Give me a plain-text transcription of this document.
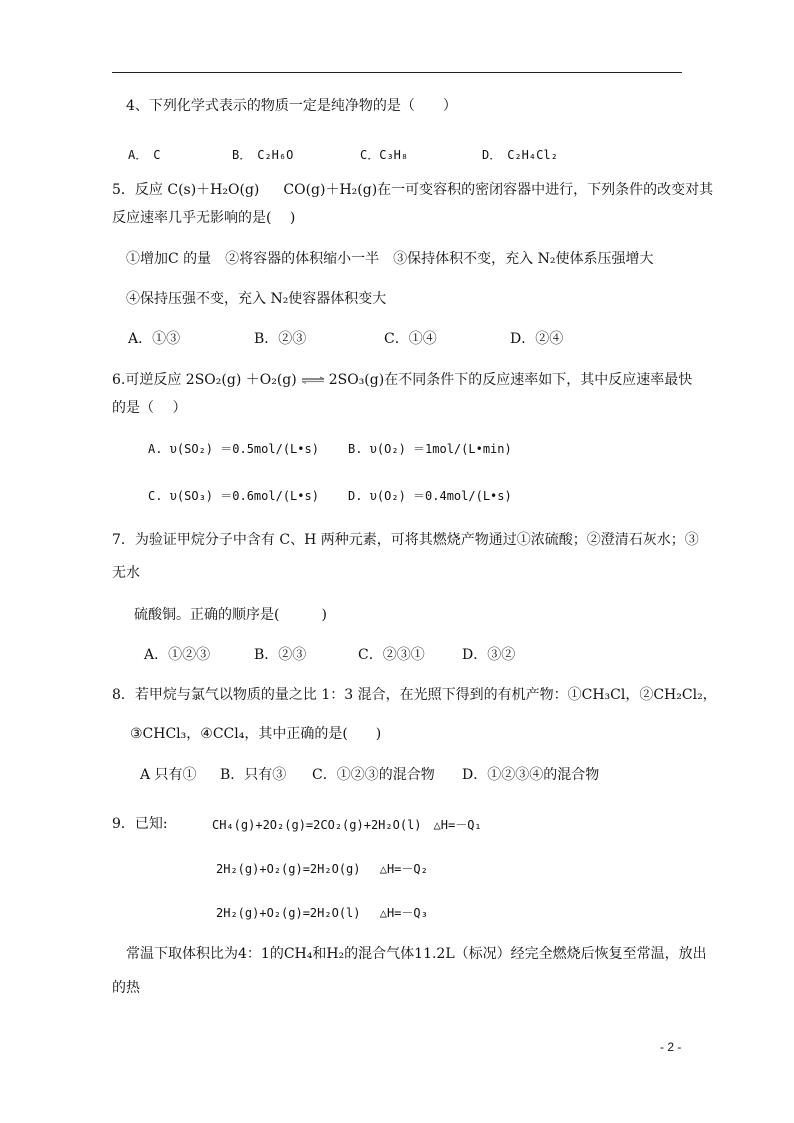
4、下列化学式表示的物质一定是纯净物的是（　　）
A．　C	B．　C₂H₆O	C．C₃H₈	D．　C₂H₄Cl₂
5．反应 C(s)＋H₂O(g) CO(g)＋H₂(g)在一可变容积的密闭容器中进行，下列条件的改变对其
反应速率几乎无影响的是(　 )
①增加C 的量　②将容器的体积缩小一半　③保持体积不变，充入 N₂使体系压强增大
④保持压强不变，充入 N₂使容器体积变大
A．①③	B．②③	C．①④	D．②④
6.可逆反应 2SO₂(g) ＋O₂(g) ⇌ 2SO₃(g)在不同条件下的反应速率如下，其中反应速率最快
的是（　 ）
A. υ(SO₂) ＝0.5mol/(L•s) B. υ(O₂) ＝1mol/(L•min)
C. υ(SO₃) ＝0.6mol/(L•s) D. υ(O₂) ＝0.4mol/(L•s)
7．为验证甲烷分子中含有 C、H 两种元素，可将其燃烧产物通过①浓硫酸；②澄清石灰水；③
无水
硫酸铜。正确的顺序是(　　　)
A．①②③	B．②③	C．②③①	D．③②
8．若甲烷与氯气以物质的量之比 1：3 混合，在光照下得到的有机产物：①CH₃Cl，②CH₂Cl₂，
③CHCl₃，④CCl₄，其中正确的是(　　)
A 只有① B．只有③ C．①②③的混合物 D．①②③④的混合物
9．已知:	CH₄(g)+2O₂(g)=2CO₂(g)+2H₂O(l)　△H=－Q₁
2H₂(g)+O₂(g)=2H₂O(g)　 △H=－Q₂
2H₂(g)+O₂(g)=2H₂O(l)　 △H=－Q₃
常温下取体积比为4：1的CH₄和H₂的混合气体11.2L（标况）经完全燃烧后恢复至常温，放出
的热
- 2 -
